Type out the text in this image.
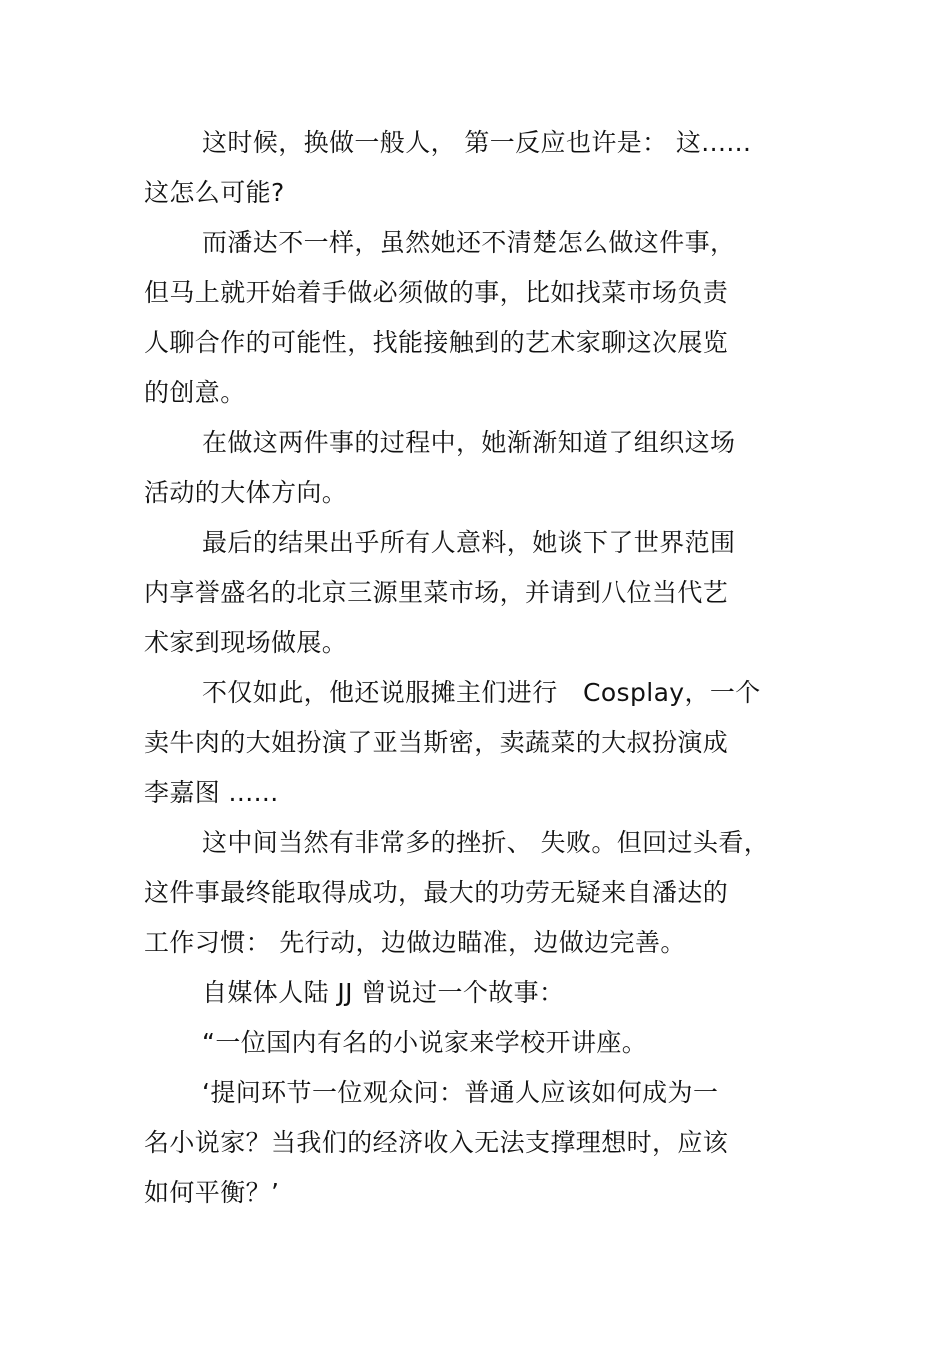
这时候，换做一般人， 第一反应也许是： 这......
这怎么可能?
而潘达不一样，虽然她还不清楚怎么做这件事，
但马上就开始着手做必须做的事，比如找菜市场负责
人聊合作的可能性，找能接触到的艺术家聊这次展览
的创意。
在做这两件事的过程中，她渐渐知道了组织这场
活动的大体方向。
最后的结果出乎所有人意料，她谈下了世界范围
内享誉盛名的北京三源里菜市场，并请到八位当代艺
术家到现场做展。
不仅如此，他还说服摊主们进行　Cosplay，一个
卖牛肉的大姐扮演了亚当斯密，卖蔬菜的大叔扮演成
李嘉图 ......
这中间当然有非常多的挫折、 失败。但回过头看，
这件事最终能取得成功，最大的功劳无疑来自潘达的
工作习惯： 先行动，边做边瞄准，边做边完善。
自媒体人陆 JJ 曾说过一个故事：
“一位国内有名的小说家来学校开讲座。
‘提问环节一位观众问：普通人应该如何成为一
名小说家？当我们的经济收入无法支撑理想时，应该
如何平衡？’
